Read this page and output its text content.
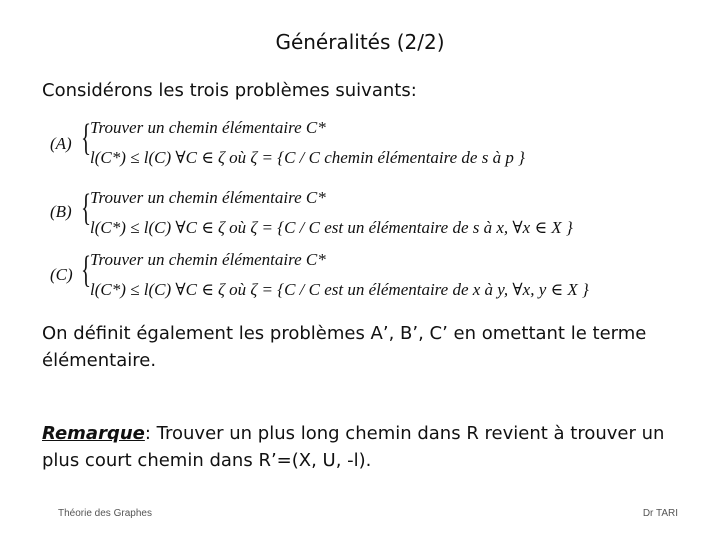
Généralités (2/2)
Considérons les trois problèmes suivants:
(A) {
Trouver un chemin élémentaire C*
l(C*) ≤ l(C) ∀C ∈ ζ où ζ = {C / C chemin élémentaire de s à p }
(B) {
Trouver un chemin élémentaire C*
l(C*) ≤ l(C) ∀C ∈ ζ où ζ = {C / C est un élémentaire de s à x, ∀x ∈ X }
(C) {
Trouver un chemin élémentaire C*
l(C*) ≤ l(C) ∀C ∈ ζ où ζ = {C / C est un élémentaire de x à y, ∀x, y ∈ X }
On définit également les problèmes A’, B’, C’ en omettant le terme élémentaire.
Remarque: Trouver un plus long chemin dans R revient à trouver un plus court chemin dans R’=(X, U, -l).
Théorie des Graphes	Dr TARI
